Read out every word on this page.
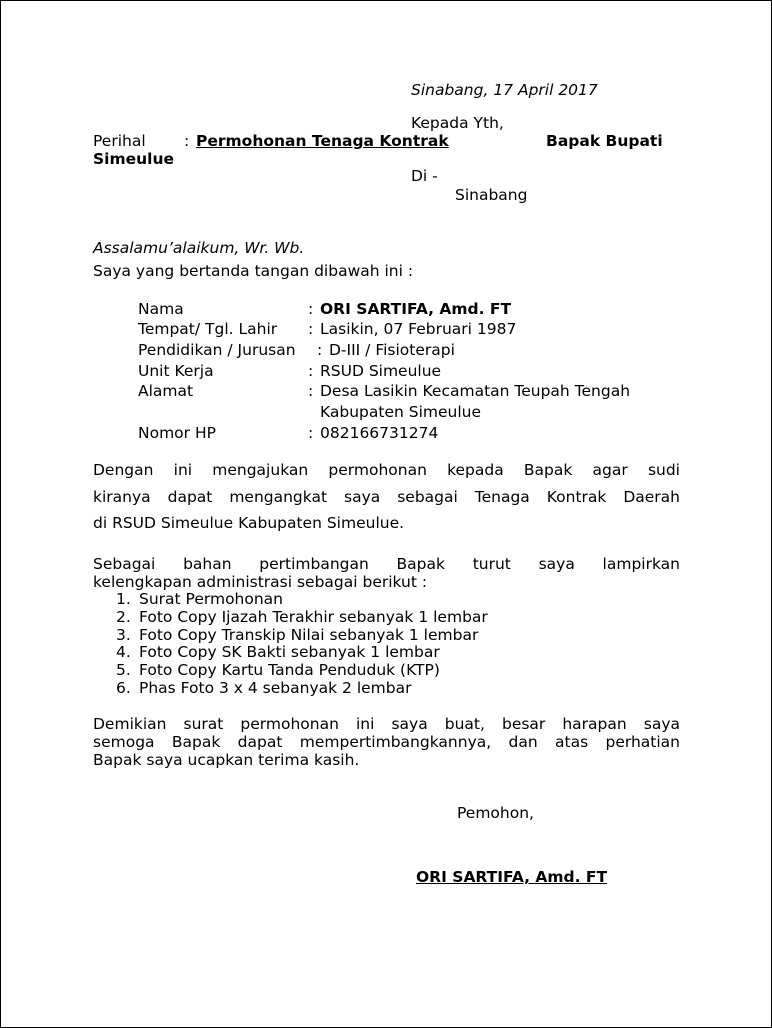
Sinabang, 17 April 2017
Kepada Yth,
Perihal : Permohonan Tenaga Kontrak	Bapak Bupati
Simeulue
Di -
Sinabang
Assalamu’alaikum, Wr. Wb.
Saya yang bertanda tangan dibawah ini :
Nama	: ORI SARTIFA, Amd. FT
Tempat/ Tgl. Lahir : Lasikin, 07 Februari 1987
Pendidikan / Jurusan : D-III / Fisioterapi
Unit Kerja	: RSUD Simeulue
Alamat	: Desa Lasikin Kecamatan Teupah Tengah
Kabupaten Simeulue
Nomor HP	: 082166731274
Dengan ini mengajukan permohonan kepada Bapak agar sudi
kiranya dapat mengangkat saya sebagai Tenaga Kontrak Daerah
di RSUD Simeulue Kabupaten Simeulue.
Sebagai bahan pertimbangan Bapak turut saya lampirkan
kelengkapan administrasi sebagai berikut :
1. Surat Permohonan
2. Foto Copy Ijazah Terakhir sebanyak 1 lembar
3. Foto Copy Transkip Nilai sebanyak 1 lembar
4. Foto Copy SK Bakti sebanyak 1 lembar
5. Foto Copy Kartu Tanda Penduduk (KTP)
6. Phas Foto 3 x 4 sebanyak 2 lembar
Demikian surat permohonan ini saya buat, besar harapan saya
semoga Bapak dapat mempertimbangkannya, dan atas perhatian
Bapak saya ucapkan terima kasih.
Pemohon,
ORI SARTIFA, Amd. FT
